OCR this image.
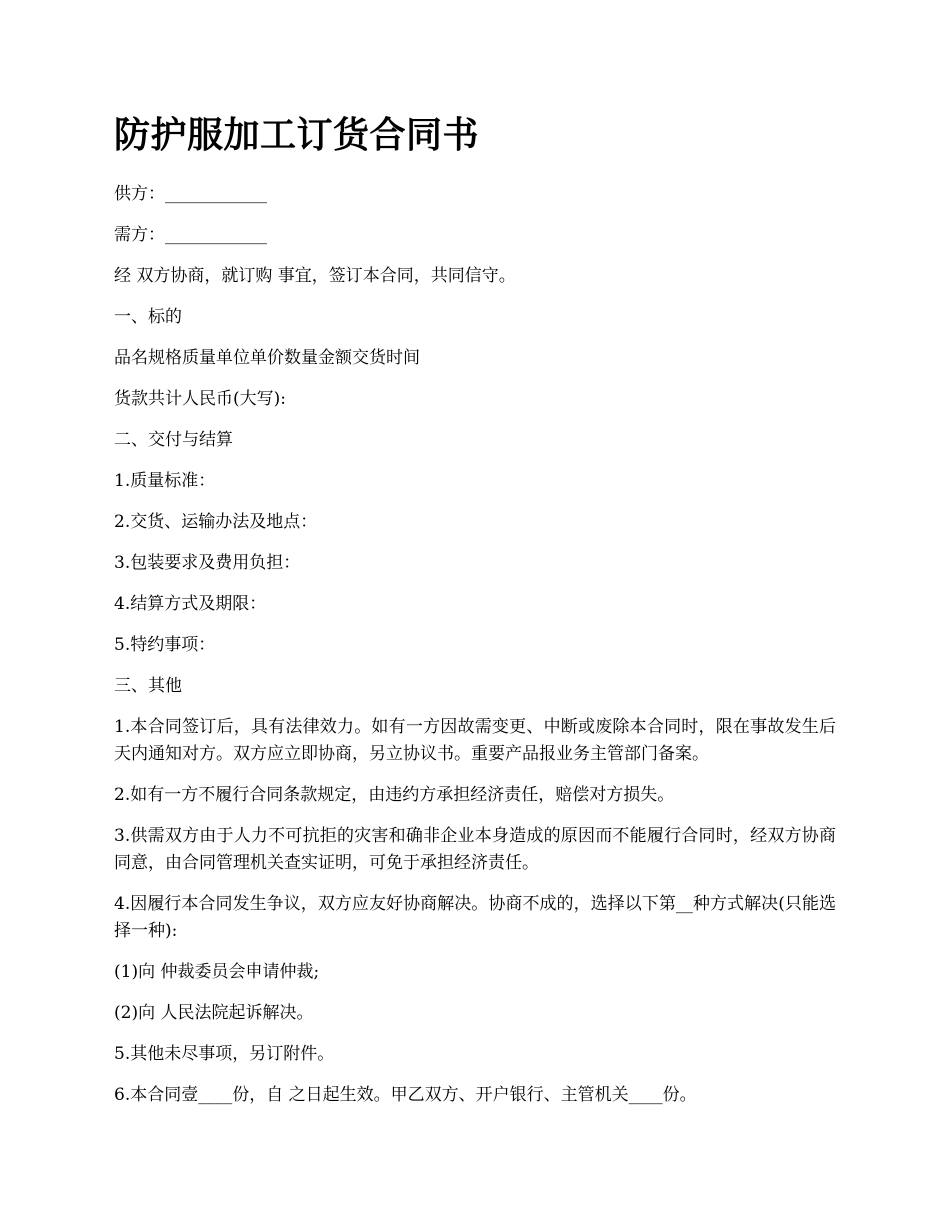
防护服加工订货合同书

供方：____________

需方：____________

经 双方协商，就订购 事宜，签订本合同，共同信守。

一、标的

品名规格质量单位单价数量金额交货时间

货款共计人民币(大写):

二、交付与结算

1.质量标准：

2.交货、运输办法及地点：

3.包装要求及费用负担：

4.结算方式及期限：

5.特约事项：

三、其他

1.本合同签订后，具有法律效力。如有一方因故需变更、中断或废除本合同时，限在事故发生后 天内通知对方。双方应立即协商，另立协议书。重要产品报业务主管部门备案。

2.如有一方不履行合同条款规定，由违约方承担经济责任，赔偿对方损失。

3.供需双方由于人力不可抗拒的灾害和确非企业本身造成的原因而不能履行合同时，经双方协商同意，由合同管理机关查实证明，可免于承担经济责任。

4.因履行本合同发生争议，双方应友好协商解决。协商不成的，选择以下第__种方式解决(只能选择一种):

(1)向 仲裁委员会申请仲裁;

(2)向 人民法院起诉解决。

5.其他未尽事项，另订附件。

6.本合同壹____份，自 之日起生效。甲乙双方、开户银行、主管机关____份。
